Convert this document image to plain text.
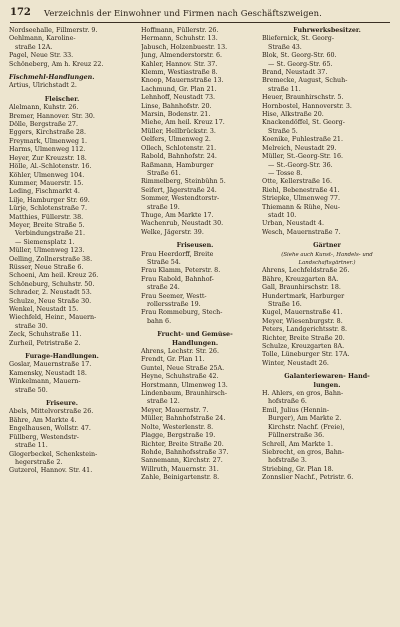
172 Verzeichnis der Einwohner und Firmen nach Geschäftszweigen.
Nordseehalle, Fillmerstr. 9.
Oehlmann, Karoline-
straße 12A.
Pagel, Neue Str. 33.
Schöneberg, Am h. Kreuz 22.
Fischmehl-Handlungen.
Artius, Ulrichstadt 2.
Fleischer.
Alelmann, Kuhstr. 26.
Bremer, Hannover. Str. 30.
Dölle, Bergstraße 27.
Eggers, Kirchstraße 28.
Freymark, Ulmenweg 1.
Harms, Ulmenweg 112.
Heyer, Zur Kreuzstr. 18.
Hölle, Al.-Schlotenstr. 16.
Köhler, Ulmenweg 104.
Kummer, Mauerstr. 15.
Leding, Fischmarkt 4.
Lilje, Hamburger Str. 69.
Lürje, Schlotenstraße 7.
Matthies, Füllerstr. 38.
Meyer, Breite Straße 5.
Verbindungstraße 21.
— Siemensplatz 1.
Müller, Ulmenweg 123.
Oelling, Zollnerstraße 38.
Rüsser, Neue Straße 6.
Schoeni, Am heil. Kreuz 26.
Schöneburg, Schuhstr. 50.
Schrader, 2. Neustadt 53.
Schulze, Neue Straße 30.
Wenkel, Neustadt 15.
Wiechfeld, Heinr., Mauern-
straße 30.
Zeck, Schuhstraße 11.
Zurheil, Petristraße 2.
Furage-Handlungen.
Goslar, Mauernstraße 17.
Kamensky, Neustadt 18.
Winkelmann, Mauern-
straße 50.
Friseure.
Abels, Mittelvorstraße 26.
Bähre, Am Markte 4.
Engelhausen, Wollstr. 47.
Füllberg, Westendstr-
straße 11.
Glogerbeckel, Schenkstein-
hegerstraße 2.
Gutzerol, Hannov. Str. 41.
Hoffmann, Füllerstr. 26.
Hermann, Schuhstr. 13.
Jabusch, Holzenbuestr. 13.
Jung, Almenderstorstr. 6.
Kahler, Hannov. Str. 37.
Klemm, Westiastraße 8.
Knoop, Mauernstraße 13.
Lachmund, Gr. Plan 21.
Lehnhoff, Neustadt 73.
Linse, Bahnhofstr. 20.
Marsin, Bodenstr. 21.
Miehe, Am heil. Kreuz 17.
Müller, Hellbrückstr. 3.
Oelfers, Ulmenweg 2.
Ollech, Schlotenstr. 21.
Rabold, Bahnhofstr. 24.
Raßmann, Hamburger
Straße 61.
Rimmelberg, Steinbühn 5.
Seifert, Jägerstraße 24.
Sommer, Westendtorstr-
straße 19.
Thuge, Am Markte 17.
Wachenrub, Neustadt 30.
Welke, Jägerstr. 39.
Friseusen.
Frau Heerdorff, Breite
Straße 54.
Frau Klamm, Peterstr. 8.
Frau Rabold, Bahnhof-
straße 24.
Frau Seemer, Westt-
rollersstraße 19.
Frau Rommeburg, Stech-
bahn 6.
Frucht- und Gemüse-
Handlungen.
Ahrens, Lechstr. Str. 26.
Frendt, Gr. Plan 11.
Guntel, Neue Straße 25A.
Heyne, Schuhstraße 42.
Horstmann, Ulmenweg 13.
Lindenbaum, Braunhirsch-
straße 12.
Meyer, Mauernstr. 7.
Müller, Bahnhofstraße 24.
Nolte, Westerlenstr. 8.
Plagge, Bergstraße 19.
Richter, Breite Straße 20.
Rohde, Bahnhofsstraße 37.
Sannemann, Kirchstr. 27.
Willruth, Mauernstr. 31.
Zahle, Beinigartenstr. 8.
Fuhrwerksbesitzer.
Bliefernick, St. Georg-
Straße 43.
Blok, St. Georg-Str. 60.
— St. Georg-Str. 65.
Brand, Neustadt 37.
Bremecke, August, Schuh-
straße 11.
Heuer, Braunhirschstr. 5.
Hornbostel, Hannoverstr. 3.
Hise, Alkstraße 20.
Knackendöffel, St. Georg-
Straße 5.
Koenike, Fuhlestraße 21.
Melreich, Neustadt 29.
Müller, St.-Georg-Str. 16.
— St.-Georg-Str. 36.
— Tosse 8.
Otte, Kellerstraße 16.
Riehl, Bebenestraße 41.
Striepke, Ulmenweg 77.
Thiemann & Rühe, Neu-
stadt 10.
Urban, Neustadt 4.
Wesch, Mauernstraße 7.
Gärtner
(Siehe auch Kunst-, Handels- und
Landschaftsgärtner.)
Ahrens, Lechfeldstraße 26.
Bähre, Kreuzgarten 8A.
Gall, Braunhirschstr. 18.
Hundertmark, Harburger
Straße 16.
Kugel, Mauernstraße 41.
Meyer, Wiesenburgstr. 8.
Peters, Landgerichtsstr. 8.
Richter, Breite Straße 20.
Schulze, Kreuzgarten 8A.
Tolle, Lüneburger Str. 17A.
Winter, Neustadt 26.
Galanteriewaren- Hand-
lungen.
H. Ahlers, en gros, Bahn-
hofstraße 6.
Emil, Julius (Hennin-
Burger), Am Markte 2.
Kirchstr. Nachf. (Freie),
Füllnerstraße 36.
Schrell, Am Markte 1.
Siebrecht, en gros, Bahn-
hofstraße 3.
Striebing, Gr. Plan 18.
Zonnslier Nachf., Petristr. 6.
